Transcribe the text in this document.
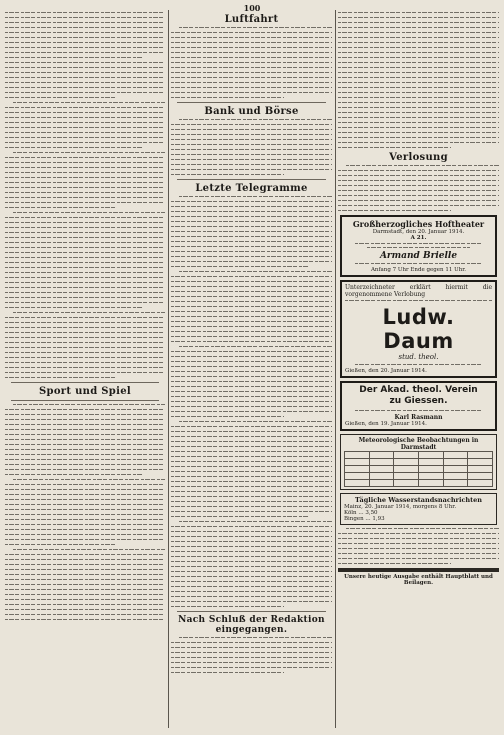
100
Sport und Spiel
Luftfahrt
Bank und Börse
Letzte Telegramme
Nach Schluß der Redaktion eingegangen.
Verlosung
Großherzogliches Hoftheater
Darmstadt, den 20. Januar 1914.
A 21.
Armand Brielle
Anfang 7 Uhr Ende gegen 11 Uhr.
Unterzeichneter erklärt hiermit die vorgenommene Verlobung
Ludw. Daum
stud. theol.
Gießen, den 20. Januar 1914.
Der Akad. theol. Verein
zu Giessen.
Karl Rasmann
Gießen, den 19. Januar 1914.
Meteorologische Beobachtungen in Darmstadt

Tägliche Wasserstandsnachrichten
Mainz, 20. Januar 1914, morgens 8 Uhr.
Köln ... 3,50
Bingen ... 1,93
Unsere heutige Ausgabe enthält Hauptblatt und Beilagen.
